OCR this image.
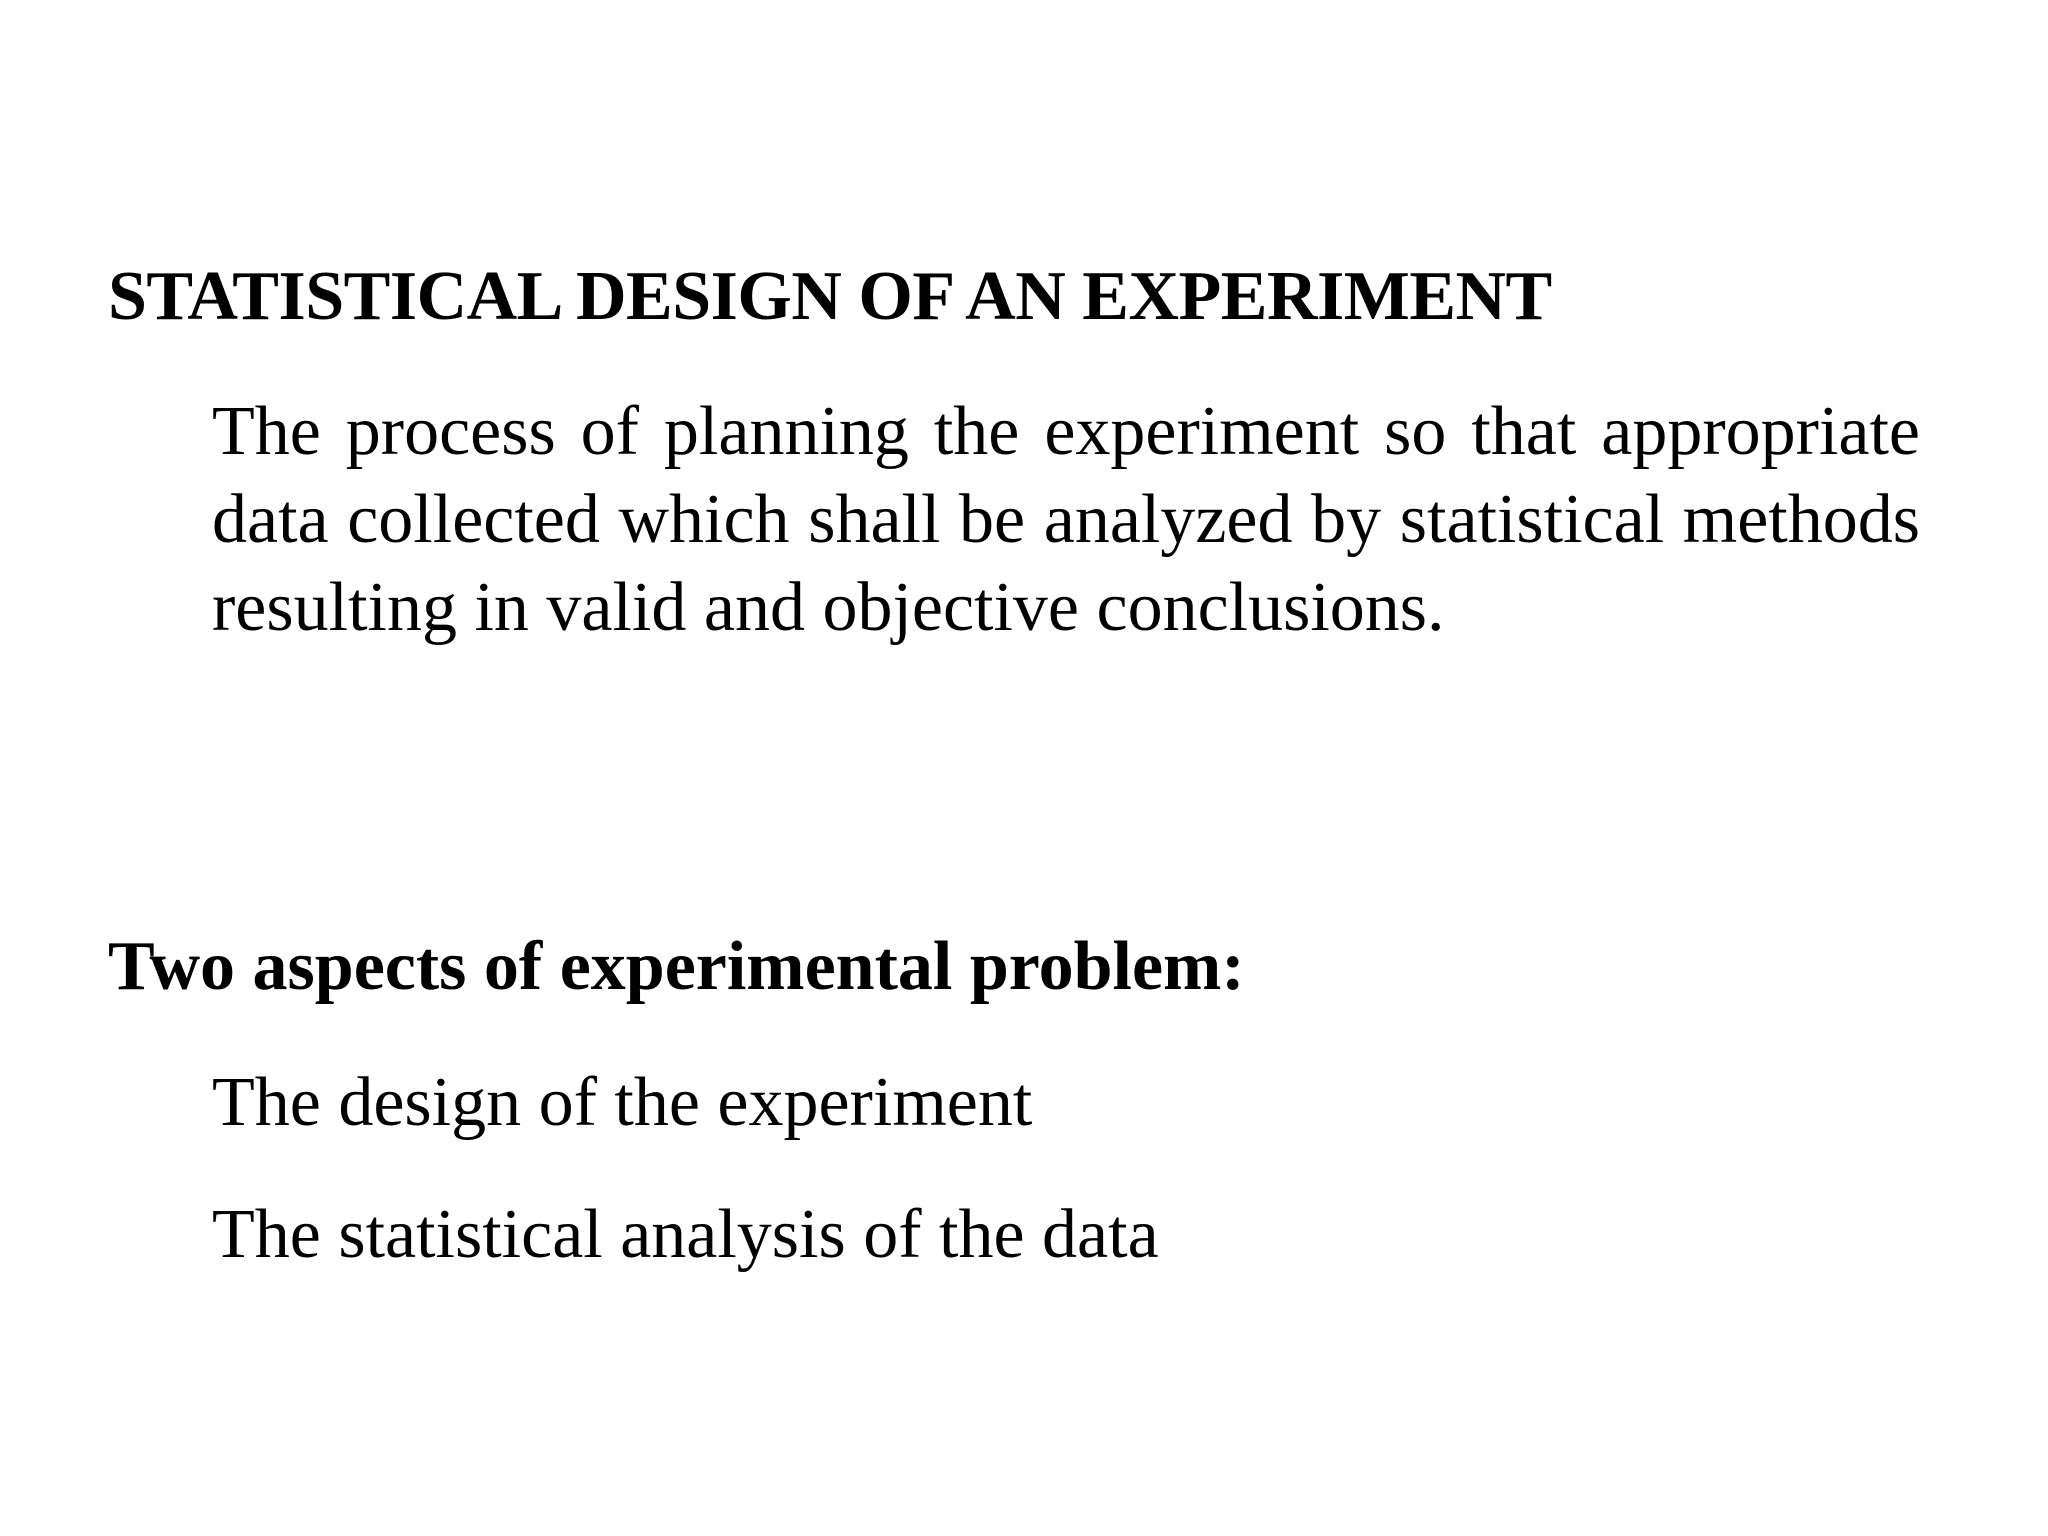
STATISTICAL DESIGN OF AN EXPERIMENT

The process of planning the experiment so that appropriate data collected which shall be analyzed by statistical methods resulting in valid and objective conclusions.

Two aspects of experimental problem:

The design of the experiment

The statistical analysis of the data
